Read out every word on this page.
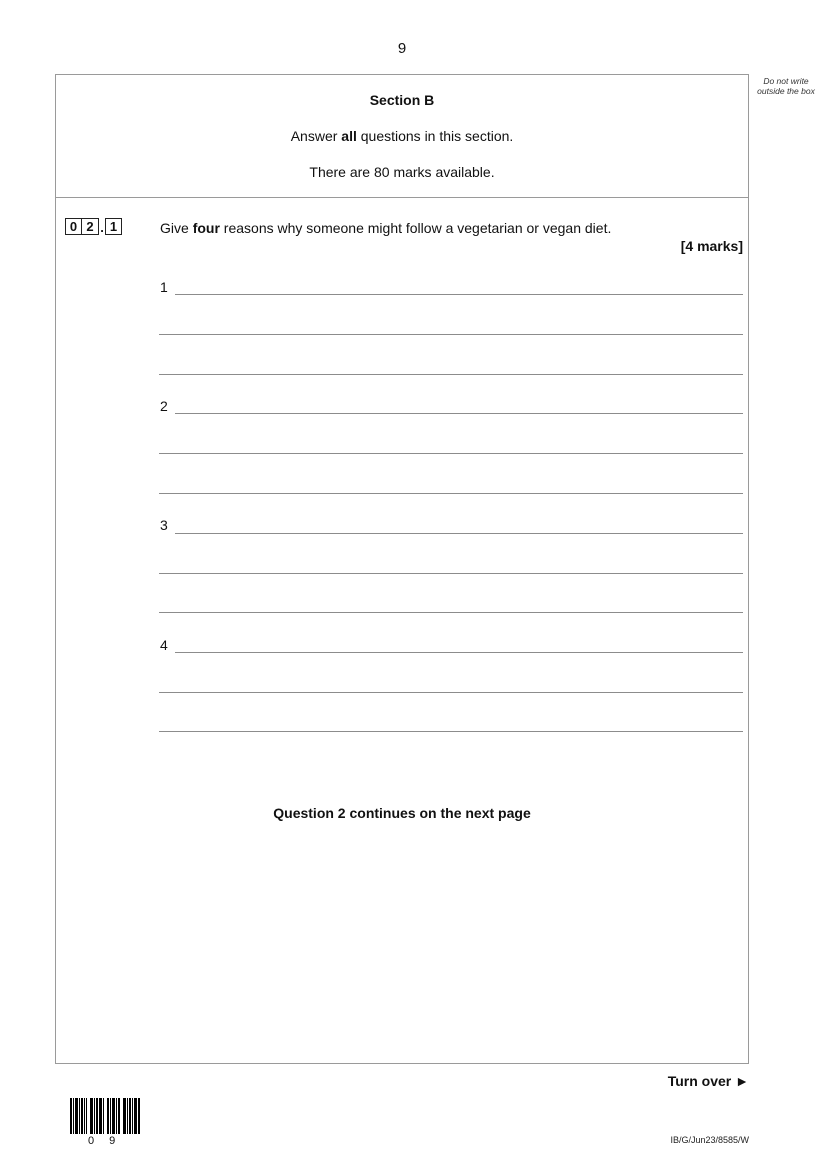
9
Do not write outside the box
Section B
Answer all questions in this section.
There are 80 marks available.
0 2 . 1	Give four reasons why someone might follow a vegetarian or vegan diet.
[4 marks]
1
2
3
4
Question 2 continues on the next page
Turn over ►
0 9	IB/G/Jun23/8585/W
